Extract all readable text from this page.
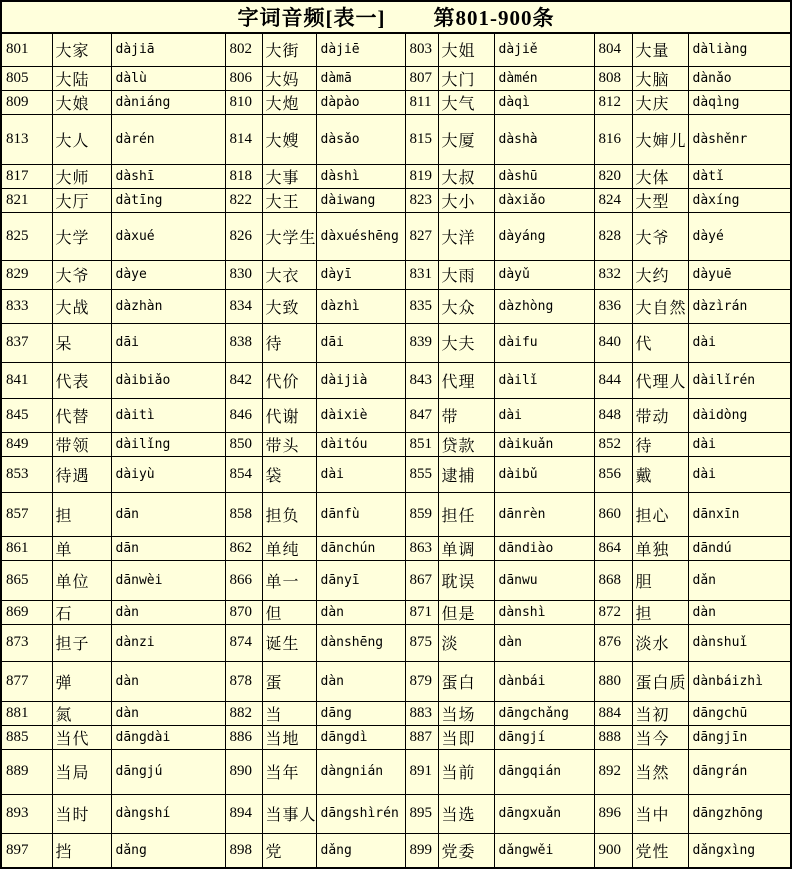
字词音频[表一] 第801-900条											
801	大家	dàjiā	802	大街	dàjiē	803	大姐	dàjiě	804	大量	dàliàng
805	大陆	dàlù	806	大妈	dàmā	807	大门	dàmén	808	大脑	dànǎo
809	大娘	dàniáng	810	大炮	dàpào	811	大气	dàqì	812	大庆	dàqìng
813	大人	dàrén	814	大嫂	dàsǎo	815	大厦	dàshà	816	大婶儿	dàshěnr
817	大师	dàshī	818	大事	dàshì	819	大叔	dàshū	820	大体	dàtǐ
821	大厅	dàtīng	822	大王	dàiwang	823	大小	dàxiǎo	824	大型	dàxíng
825	大学	dàxué	826	大学生	dàxuéshēng	827	大洋	dàyáng	828	大爷	dàyé
829	大爷	dàye	830	大衣	dàyī	831	大雨	dàyǔ	832	大约	dàyuē
833	大战	dàzhàn	834	大致	dàzhì	835	大众	dàzhòng	836	大自然	dàzìrán
837	呆	dāi	838	待	dāi	839	大夫	dàifu	840	代	dài
841	代表	dàibiǎo	842	代价	dàijià	843	代理	dàilǐ	844	代理人	dàilǐrén
845	代替	dàitì	846	代谢	dàixiè	847	带	dài	848	带动	dàidòng
849	带领	dàilǐng	850	带头	dàitóu	851	贷款	dàikuǎn	852	待	dài
853	待遇	dàiyù	854	袋	dài	855	逮捕	dàibǔ	856	戴	dài
857	担	dān	858	担负	dānfù	859	担任	dānrèn	860	担心	dānxīn
861	单	dān	862	单纯	dānchún	863	单调	dāndiào	864	单独	dāndú
865	单位	dānwèi	866	单一	dānyī	867	耽误	dānwu	868	胆	dǎn
869	石	dàn	870	但	dàn	871	但是	dànshì	872	担	dàn
873	担子	dànzi	874	诞生	dànshēng	875	淡	dàn	876	淡水	dànshuǐ
877	弹	dàn	878	蛋	dàn	879	蛋白	dànbái	880	蛋白质	dànbáizhì
881	氮	dàn	882	当	dāng	883	当场	dāngchǎng	884	当初	dāngchū
885	当代	dāngdài	886	当地	dāngdì	887	当即	dāngjí	888	当今	dāngjīn
889	当局	dāngjú	890	当年	dàngnián	891	当前	dāngqián	892	当然	dāngrán
893	当时	dàngshí	894	当事人	dāngshìrén	895	当选	dāngxuǎn	896	当中	dāngzhōng
897	挡	dǎng	898	党	dǎng	899	党委	dǎngwěi	900	党性	dǎngxìng
